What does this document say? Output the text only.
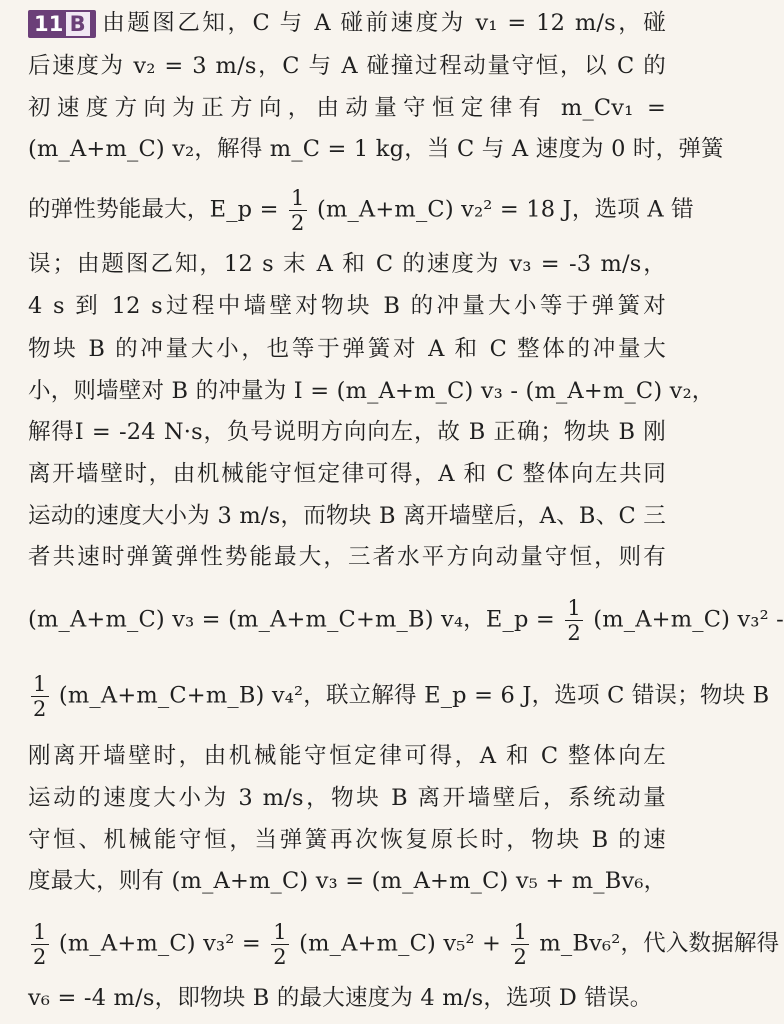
11 B 由题图乙知，C 与 A 碰前速度为 v₁ = 12 m/s，碰
后速度为 v₂ = 3 m/s，C 与 A 碰撞过程动量守恒，以 C 的
初速度方向为正方向，由动量守恒定律有 m_Cv₁ =
(m_A+m_C) v₂，解得 m_C = 1 kg，当 C 与 A 速度为 0 时，弹簧
的弹性势能最大，E_p = $\frac{1}{2}$ (m_A+m_C) v₂² = 18 J，选项 A 错
误；由题图乙知，12 s 末 A 和 C 的速度为 v₃ = -3 m/s，
4 s 到 12 s过程中墙壁对物块 B 的冲量大小等于弹簧对
物块 B 的冲量大小，也等于弹簧对 A 和 C 整体的冲量大
小，则墙壁对 B 的冲量为 I = (m_A+m_C) v₃ - (m_A+m_C) v₂，
解得I = -24 N·s，负号说明方向向左，故 B 正确；物块 B 刚
离开墙壁时，由机械能守恒定律可得，A 和 C 整体向左共同
运动的速度大小为 3 m/s，而物块 B 离开墙壁后，A、B、C 三
者共速时弹簧弹性势能最大，三者水平方向动量守恒，则有
(m_A+m_C) v₃ = (m_A+m_C+m_B) v₄，E_p = $\frac{1}{2}$ (m_A+m_C) v₃² -
$\frac{1}{2}$ (m_A+m_C+m_B) v₄²，联立解得 E_p = 6 J，选项 C 错误；物块 B
刚离开墙壁时，由机械能守恒定律可得，A 和 C 整体向左
运动的速度大小为 3 m/s，物块 B 离开墙壁后，系统动量
守恒、机械能守恒，当弹簧再次恢复原长时，物块 B 的速
度最大，则有 (m_A+m_C) v₃ = (m_A+m_C) v₅ + m_Bv₆，
$\frac{1}{2}$ (m_A+m_C) $v_3^2 = \frac{1}{2}$ (m_A+m_C) $v_5^2 + \frac{1}{2}$ m_Bv₆²，代入数据解得
v₆ = -4 m/s，即物块 B 的最大速度为 4 m/s，选项 D 错误。
